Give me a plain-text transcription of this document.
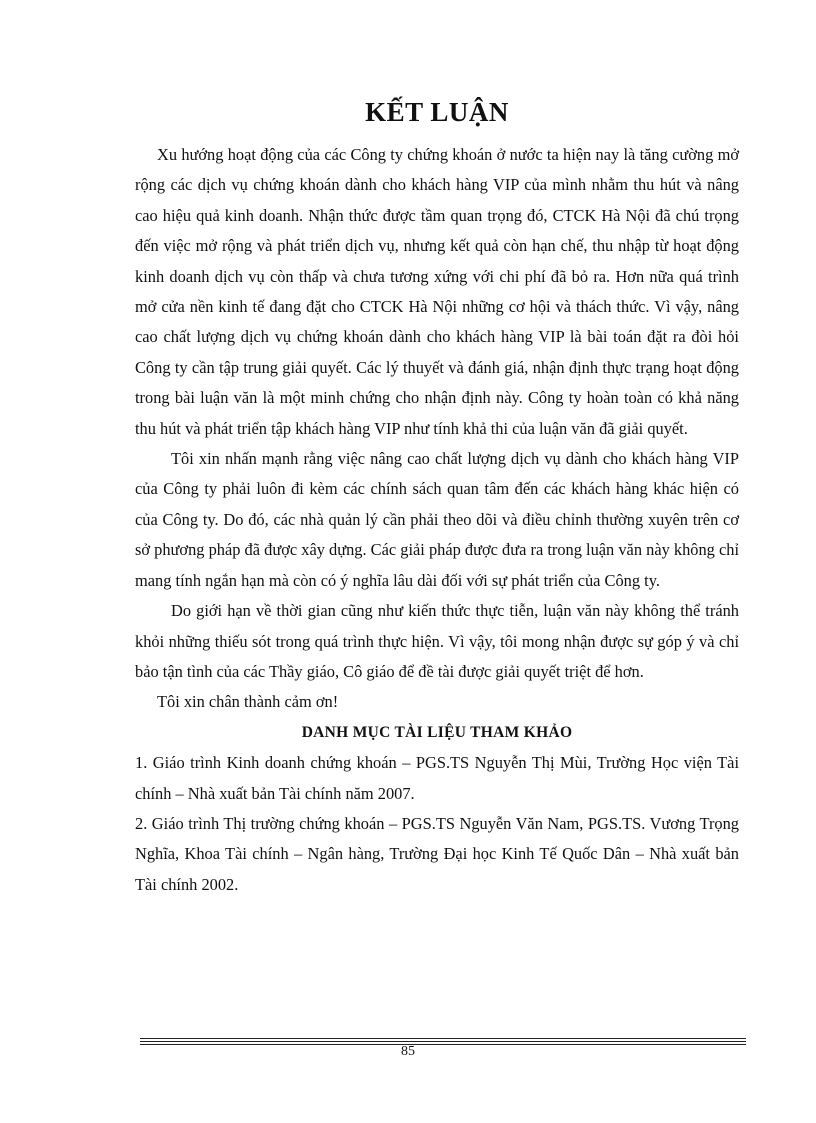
KẾT LUẬN

Xu hướng hoạt động của các Công ty chứng khoán ở nước ta hiện nay là tăng cường mở rộng các dịch vụ chứng khoán dành cho khách hàng VIP của mình nhằm thu hút và nâng cao hiệu quả kinh doanh. Nhận thức được tầm quan trọng đó, CTCK Hà Nội đã chú trọng đến việc mở rộng và phát triển dịch vụ, nhưng kết quả còn hạn chế, thu nhập từ hoạt động kinh doanh dịch vụ còn thấp và chưa tương xứng với chi phí đã bỏ ra. Hơn nữa quá trình mở cửa nền kinh tế đang đặt cho CTCK Hà Nội những cơ hội và thách thức. Vì vậy, nâng cao chất lượng dịch vụ chứng khoán dành cho khách hàng VIP là bài toán đặt ra đòi hỏi Công ty cần tập trung giải quyết. Các lý thuyết và đánh giá, nhận định thực trạng hoạt động trong bài luận văn là một minh chứng cho nhận định này. Công ty hoàn toàn có khả năng thu hút và phát triển tập khách hàng VIP như tính khả thi của luận văn đã giải quyết.

Tôi xin nhấn mạnh rằng việc nâng cao chất lượng dịch vụ dành cho khách hàng VIP của Công ty phải luôn đi kèm các chính sách quan tâm đến các khách hàng khác hiện có của Công ty. Do đó, các nhà quản lý cần phải theo dõi và điều chỉnh thường xuyên trên cơ sở phương pháp đã được xây dựng. Các giải pháp được đưa ra trong luận văn này không chỉ mang tính ngắn hạn mà còn có ý nghĩa lâu dài đối với sự phát triển của Công ty.

Do giới hạn về thời gian cũng như kiến thức thực tiễn, luận văn này không thể tránh khỏi những thiếu sót trong quá trình thực hiện. Vì vậy, tôi mong nhận được sự góp ý và chỉ bảo tận tình của các Thầy giáo, Cô giáo để đề tài được giải quyết triệt để hơn.

Tôi xin chân thành cảm ơn!

DANH MỤC TÀI LIỆU THAM KHẢO

1. Giáo trình Kinh doanh chứng khoán – PGS.TS Nguyễn Thị Mùi, Trường Học viện Tài chính – Nhà xuất bản Tài chính năm 2007.

2. Giáo trình Thị trường chứng khoán – PGS.TS Nguyễn Văn Nam, PGS.TS. Vương Trọng Nghĩa, Khoa Tài chính – Ngân hàng, Trường Đại học Kinh Tế Quốc Dân – Nhà xuất bản Tài chính 2002.

85
